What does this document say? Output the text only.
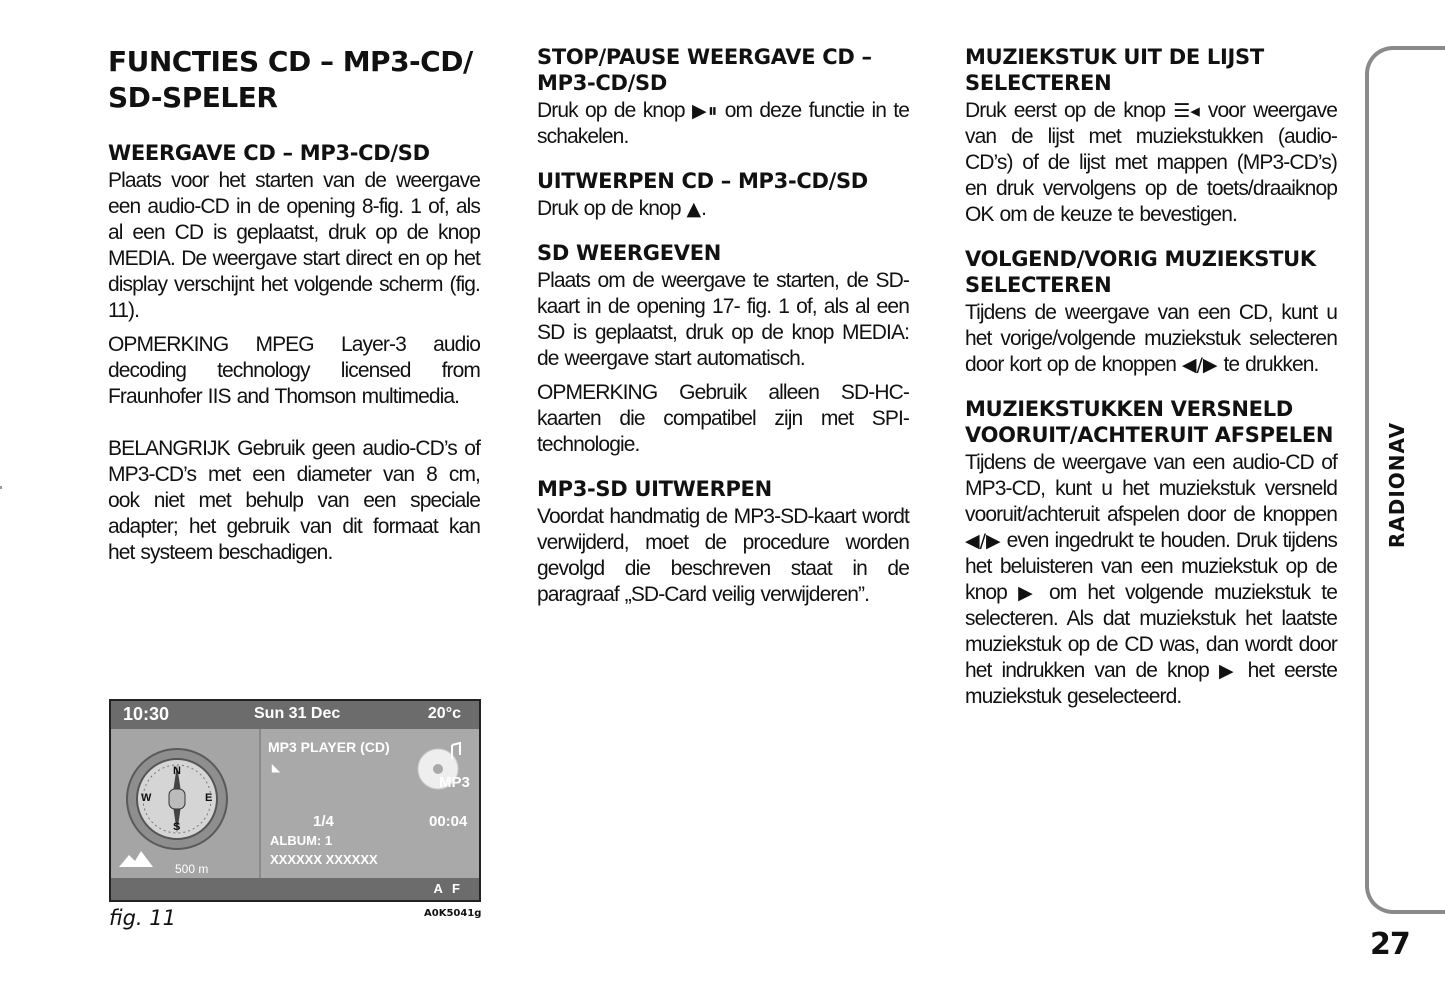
FUNCTIES CD – MP3-CD/ SD-SPELER
WEERGAVE CD – MP3-CD/SD

Plaats voor het starten van de weergave een audio-CD in de opening 8-fig. 1 of, als al een CD is geplaatst, druk op de knop MEDIA. De weergave start direct en op het display verschijnt het volgende scherm (fig. 11).

OPMERKING MPEG Layer-3 audio decoding technology licensed from Fraunhofer IIS and Thomson multimedia.

BELANGRIJK Gebruik geen audio-CD’s of MP3-CD’s met een diameter van 8 cm, ook niet met behulp van een speciale adapter; het gebruik van dit formaat kan het systeem beschadigen.

STOP/PAUSE WEERGAVE CD – MP3-CD/SD

Druk op de knop ▶⏸ om deze functie in te schakelen.

UITWERPEN CD – MP3-CD/SD

Druk op de knop ▲.

SD WEERGEVEN

Plaats om de weergave te starten, de SD-kaart in de opening 17- fig. 1 of, als al een SD is geplaatst, druk op de knop MEDIA: de weergave start automatisch.

OPMERKING Gebruik alleen SD-HC-kaarten die compatibel zijn met SPI-technologie.

MP3-SD UITWERPEN

Voordat handmatig de MP3-SD-kaart wordt verwijderd, moet de procedure worden gevolgd die beschreven staat in de paragraaf „SD-Card veilig verwijderen”.

MUZIEKSTUK UIT DE LIJST SELECTEREN

Druk eerst op de knop ☰◂ voor weergave van de lijst met muziekstukken (audio-CD’s) of de lijst met mappen (MP3-CD’s) en druk vervolgens op de toets/draaiknop OK om de keuze te bevestigen.

VOLGEND/VORIG MUZIEKSTUK SELECTEREN

Tijdens de weergave van een CD, kunt u het vorige/volgende muziekstuk selecteren door kort op de knoppen ◀/▶ te drukken.

MUZIEKSTUKKEN VERSNELD VOORUIT/ACHTERUIT AFSPELEN

Tijdens de weergave van een audio-CD of MP3-CD, kunt u het muziekstuk versneld vooruit/achteruit afspelen door de knoppen ◀/▶ even ingedrukt te houden. Druk tijdens het beluisteren van een muziekstuk op de knop ▶ om het volgende muziekstuk te selecteren. Als dat muziekstuk het laatste muziekstuk op de CD was, dan wordt door het indrukken van de knop ▶ het eerste muziekstuk geselecteerd.

10:30	Sun 31 Dec	20°c
N
S
W	E
500 m
MP3 PLAYER (CD)
◣
MP3
1/4	00:04
ALBUM: 1
XXXXXX XXXXXX
A F
fig. 11	A0K5041g
RADIONAV
27
